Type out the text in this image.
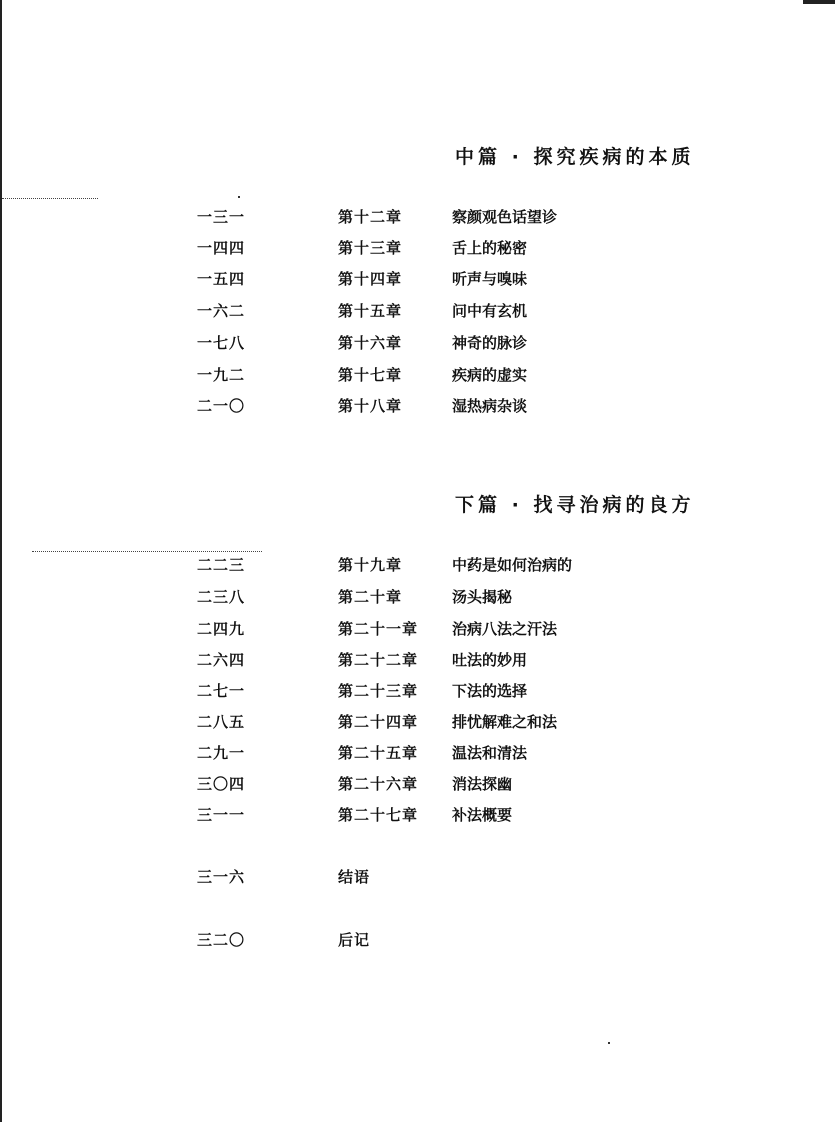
中篇 · 探究疾病的本质
一三一	第十二章	察颜观色话望诊
一四四	第十三章	舌上的秘密
一五四	第十四章	听声与嗅味
一六二	第十五章	问中有玄机
一七八	第十六章	神奇的脉诊
一九二	第十七章	疾病的虚实
二一〇	第十八章	湿热病杂谈
下篇 · 找寻治病的良方
二二三	第十九章	中药是如何治病的
二三八	第二十章	汤头揭秘
二四九	第二十一章 治病八法之汗法
二六四	第二十二章 吐法的妙用
二七一	第二十三章 下法的选择
二八五	第二十四章 排忧解难之和法
二九一	第二十五章 温法和清法
三〇四	第二十六章 消法探幽
三一一	第二十七章 补法概要
三一六	结语
三二〇	后记
